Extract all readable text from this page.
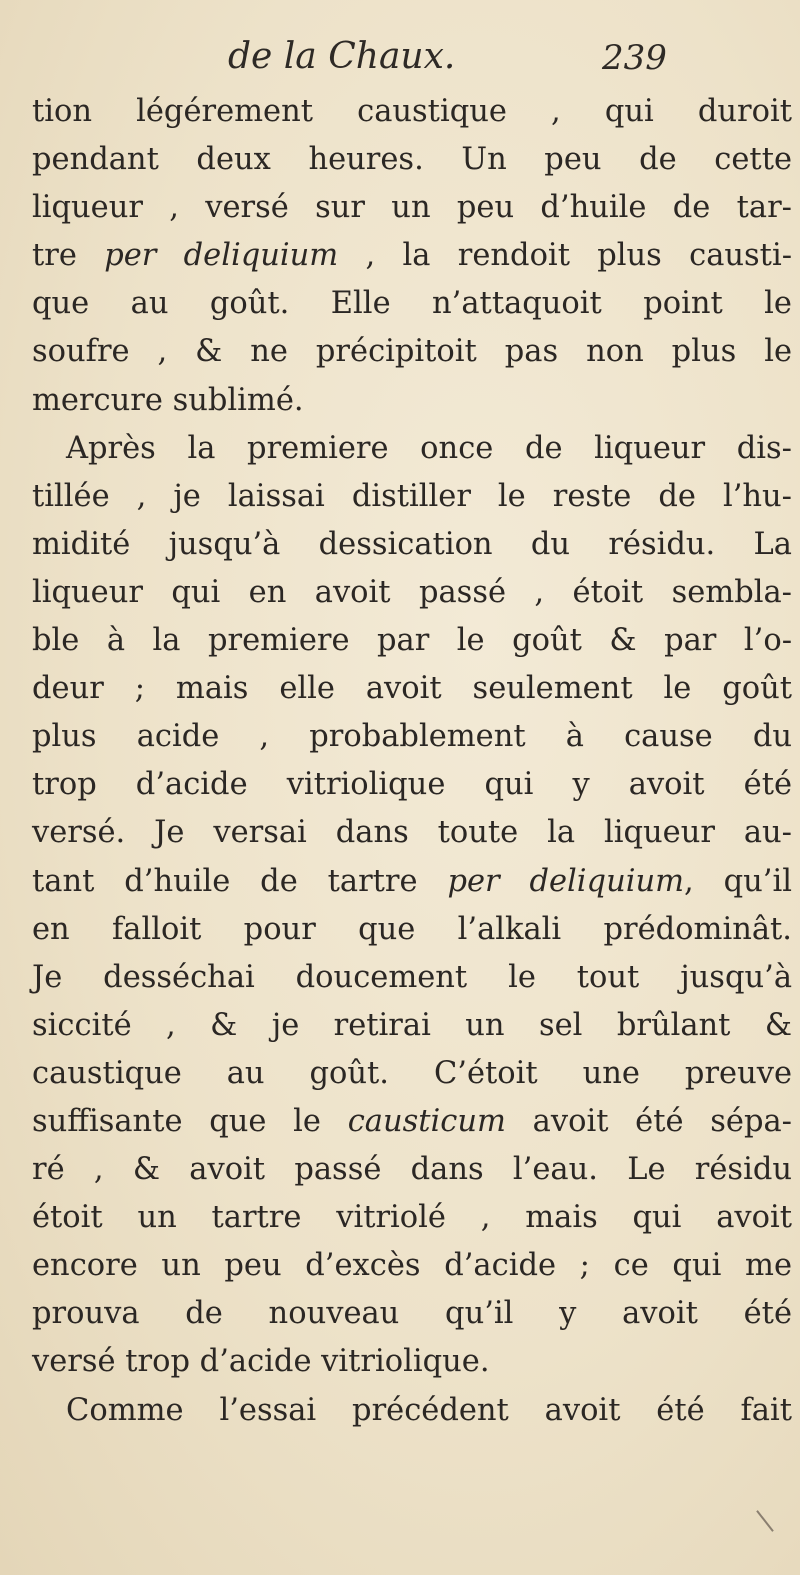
de la Chaux.	239
tion légérement caustique , qui duroit
pendant deux heures. Un peu de cette
liqueur , versé sur un peu d’huile de tar-
tre per deliquium , la rendoit plus causti-
que au goût. Elle n’attaquoit point le
soufre , & ne précipitoit pas non plus le
mercure sublimé.
Après la premiere once de liqueur dis-
tillée , je laissai distiller le reste de l’hu-
midité jusqu’à dessication du résidu. La
liqueur qui en avoit passé , étoit sembla-
ble à la premiere par le goût & par l’o-
deur ; mais elle avoit seulement le goût
plus acide , probablement à cause du
trop d’acide vitriolique qui y avoit été
versé. Je versai dans toute la liqueur au-
tant d’huile de tartre per deliquium, qu’il
en falloit pour que l’alkali prédominât.
Je desséchai doucement le tout jusqu’à
siccité , & je retirai un sel brûlant &
caustique au goût. C’étoit une preuve
suffisante que le causticum avoit été sépa-
ré , & avoit passé dans l’eau. Le résidu
étoit un tartre vitriolé , mais qui avoit
encore un peu d’excès d’acide ; ce qui me
prouva de nouveau qu’il y avoit été
versé trop d’acide vitriolique.
Comme l’essai précédent avoit été fait
